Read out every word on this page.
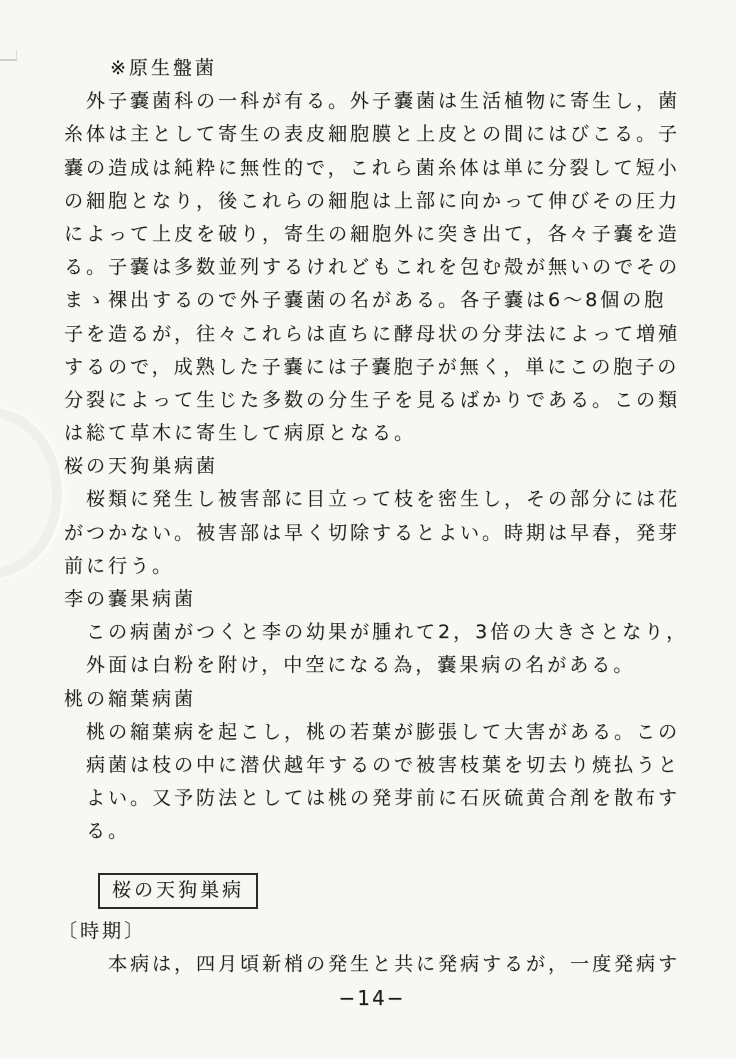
※原生盤菌
　外子嚢菌科の一科が有る。外子嚢菌は生活植物に寄生し，菌
糸体は主として寄生の表皮細胞膜と上皮との間にはびこる。子
嚢の造成は純粋に無性的で，これら菌糸体は単に分裂して短小
の細胞となり，後これらの細胞は上部に向かって伸びその圧力
によって上皮を破り，寄生の細胞外に突き出て，各々子嚢を造
る。子嚢は多数並列するけれどもこれを包む殻が無いのでその
まゝ裸出するので外子嚢菌の名がある。各子嚢は6～8個の胞
子を造るが，往々これらは直ちに酵母状の分芽法によって増殖
するので，成熟した子嚢には子嚢胞子が無く，単にこの胞子の
分裂によって生じた多数の分生子を見るばかりである。この類
は総て草木に寄生して病原となる。
桜の天狗巣病菌
　桜類に発生し被害部に目立って枝を密生し，その部分には花
がつかない。被害部は早く切除するとよい。時期は早春，発芽
前に行う。
李の嚢果病菌
　この病菌がつくと李の幼果が腫れて2，3倍の大きさとなり，
　外面は白粉を附け，中空になる為，嚢果病の名がある。
桃の縮葉病菌
　桃の縮葉病を起こし，桃の若葉が膨張して大害がある。この
　病菌は枝の中に潜伏越年するので被害枝葉を切去り焼払うと
　よい。又予防法としては桃の発芽前に石灰硫黄合剤を散布す
　る。
桜の天狗巣病
〔時期〕
　　本病は，四月頃新梢の発生と共に発病するが，一度発病す
−14−
